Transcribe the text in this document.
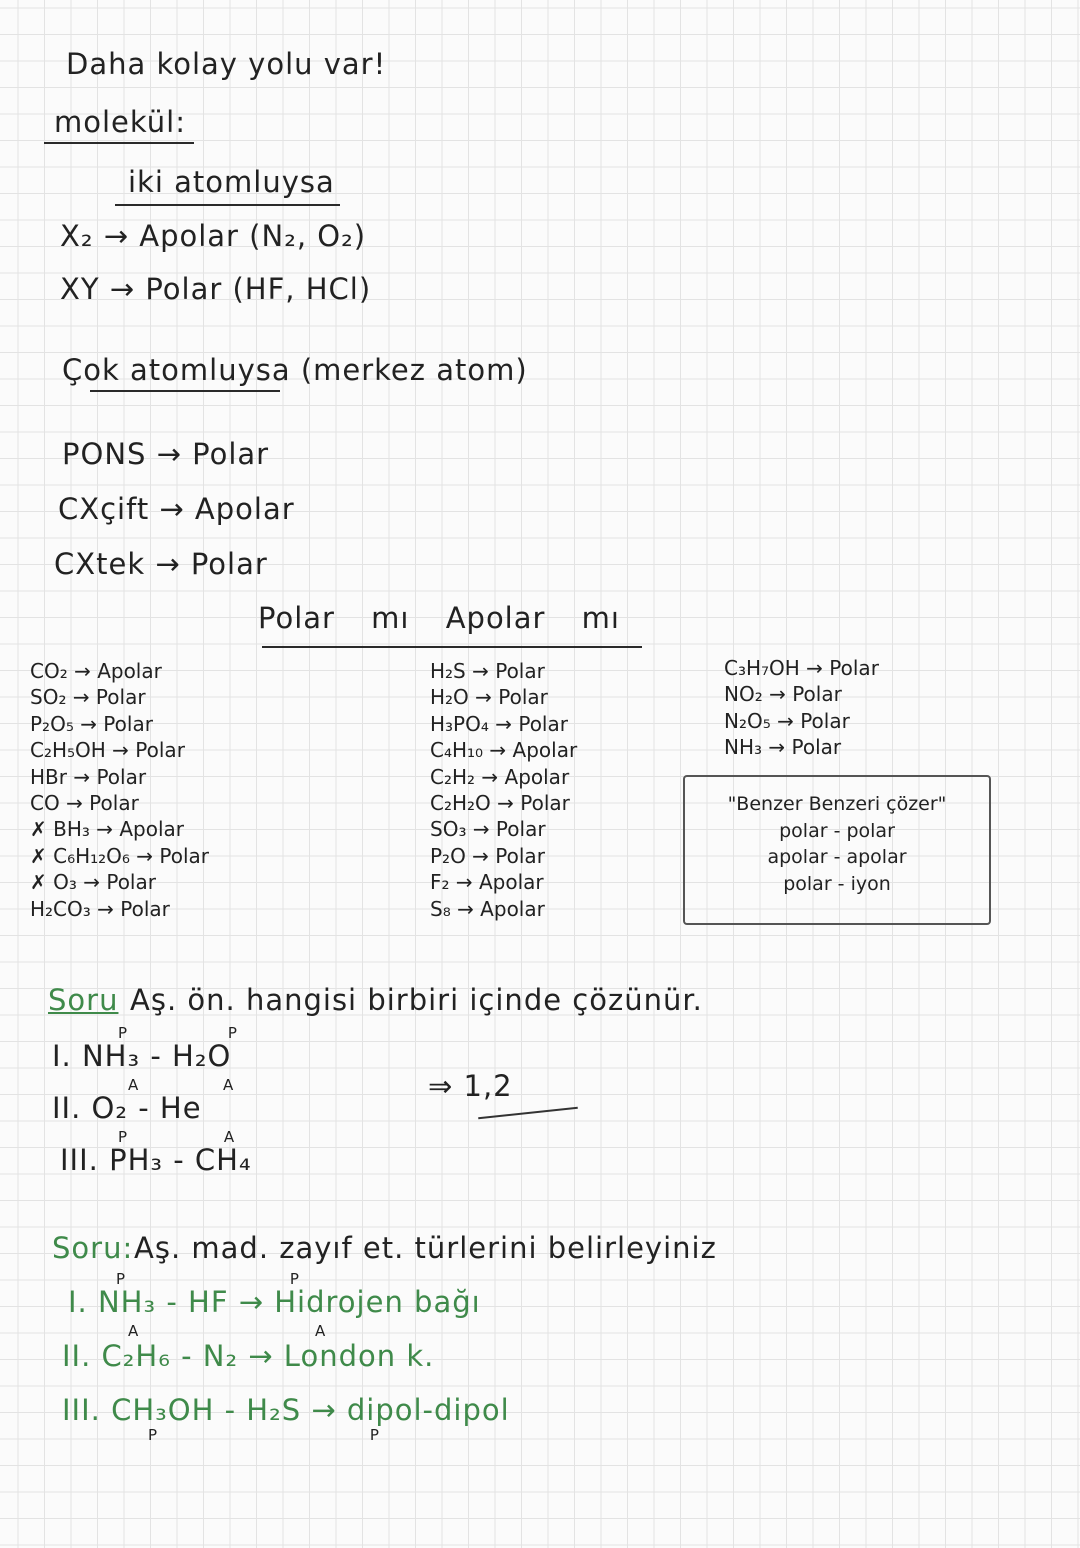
Daha kolay yolu var!
molekül:
iki atomluysa
X₂ → Apolar (N₂, O₂)
XY → Polar (HF, HCl)
Çok atomluysa (merkez atom)
PONS → Polar
CXçift → Apolar
CXtek → Polar
Polar mı Apolar mı
CO₂ → Apolar
SO₂ → Polar
P₂O₅ → Polar
C₂H₅OH → Polar
HBr → Polar
CO → Polar
✗ BH₃ → Apolar
✗ C₆H₁₂O₆ → Polar
✗ O₃ → Polar
H₂CO₃ → Polar
H₂S → Polar
H₂O → Polar
H₃PO₄ → Polar
C₄H₁₀ → Apolar
C₂H₂ → Apolar
C₂H₂O → Polar
SO₃ → Polar
P₂O → Polar
F₂ → Apolar
S₈ → Apolar
C₃H₇OH → Polar
NO₂ → Polar
N₂O₅ → Polar
NH₃ → Polar
"Benzer Benzeri çözer"
polar - polar
apolar - apolar
polar - iyon
Soru Aş. ön. hangisi birbiri içinde çözünür.
P P
I. NH₃ - H₂O
A A
II. O₂ - He
P A
III. PH₃ - CH₄
⇒ 1,2
Soru: Aş. mad. zayıf et. türlerini belirleyiniz
P P
I. NH₃ - HF → Hidrojen bağı
A A
II. C₂H₆ - N₂ → London k.
III. CH₃OH - H₂S → dipol-dipol
P P
